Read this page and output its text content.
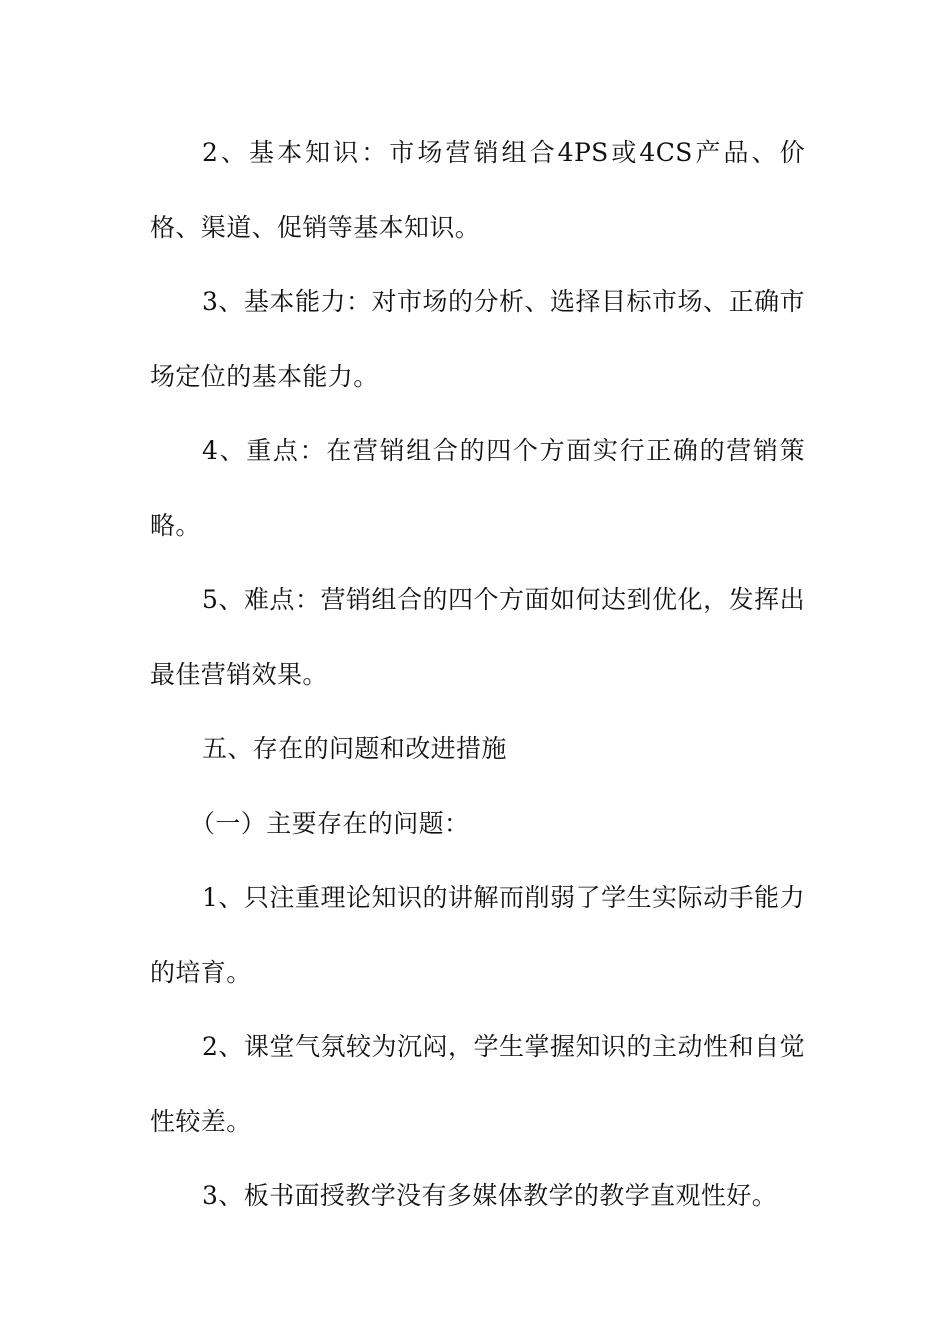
2、基本知识：市场营销组合4PS或4CS产品、价格、渠道、促销等基本知识。

3、基本能力：对市场的分析、选择目标市场、正确市场定位的基本能力。

4、重点：在营销组合的四个方面实行正确的营销策略。

5、难点：营销组合的四个方面如何达到优化，发挥出最佳营销效果。

五、存在的问题和改进措施

（一）主要存在的问题：

1、只注重理论知识的讲解而削弱了学生实际动手能力的培育。

2、课堂气氛较为沉闷，学生掌握知识的主动性和自觉性较差。

3、板书面授教学没有多媒体教学的教学直观性好。
